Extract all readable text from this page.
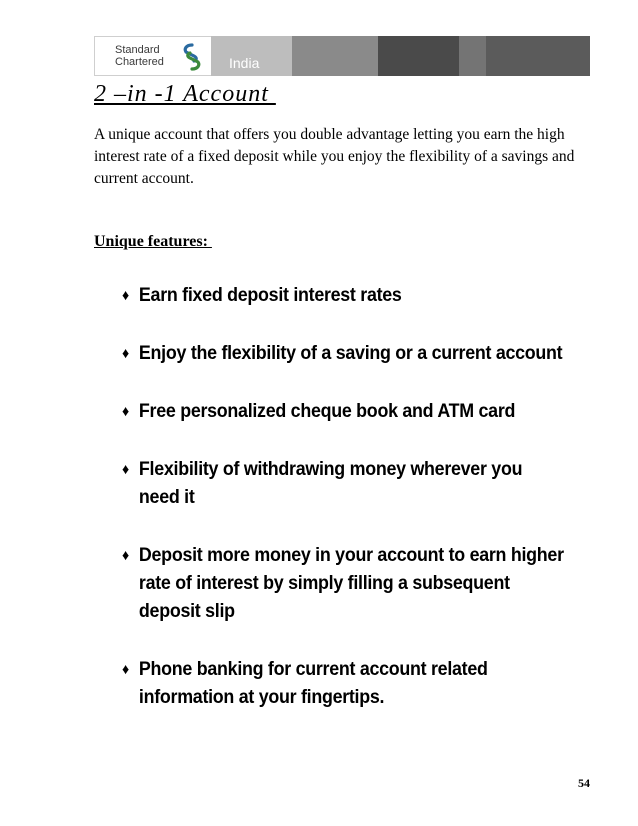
Standard
Chartered	India
2 –in -1 Account

A unique account that offers you double advantage letting you earn the high interest rate of a fixed deposit while you enjoy the flexibility of a savings and current account.

Unique features:
♦ Earn fixed deposit interest rates
♦ Enjoy the flexibility of a saving or a current account
♦ Free personalized cheque book and ATM card
♦ Flexibility of withdrawing money wherever you need it
♦ Deposit more money in your account to earn higher rate of interest by simply filling a subsequent deposit slip
♦ Phone banking for current account related information at your fingertips.
54
